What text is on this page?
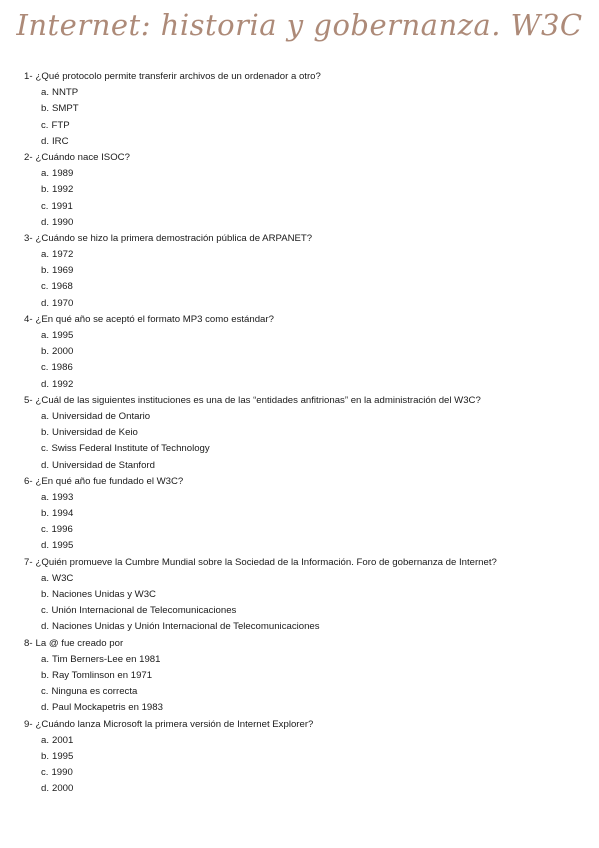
Internet: historia y gobernanza. W3C
1- ¿Qué protocolo permite transferir archivos de un ordenador a otro?
a. NNTP
b. SMPT
c. FTP
d. IRC
2- ¿Cuándo nace ISOC?
a. 1989
b. 1992
c. 1991
d. 1990
3- ¿Cuándo se hizo la primera demostración pública de ARPANET?
a. 1972
b. 1969
c. 1968
d. 1970
4- ¿En qué año se aceptó el formato MP3 como estándar?
a. 1995
b. 2000
c. 1986
d. 1992
5- ¿Cuál de las siguientes instituciones es una de las “entidades anfitrionas” en la administración del W3C?
a. Universidad de Ontario
b. Universidad de Keio
c. Swiss Federal Institute of Technology
d. Universidad de Stanford
6- ¿En qué año fue fundado el W3C?
a. 1993
b. 1994
c. 1996
d. 1995
7- ¿Quién promueve la Cumbre Mundial sobre la Sociedad de la Información. Foro de gobernanza de Internet?
a. W3C
b. Naciones Unidas y W3C
c. Unión Internacional de Telecomunicaciones
d. Naciones Unidas y Unión Internacional de Telecomunicaciones
8- La @ fue creado por
a. Tim Berners-Lee en 1981
b. Ray Tomlinson en 1971
c. Ninguna es correcta
d. Paul Mockapetris en 1983
9- ¿Cuándo lanza Microsoft la primera versión de Internet Explorer?
a. 2001
b. 1995
c. 1990
d. 2000
